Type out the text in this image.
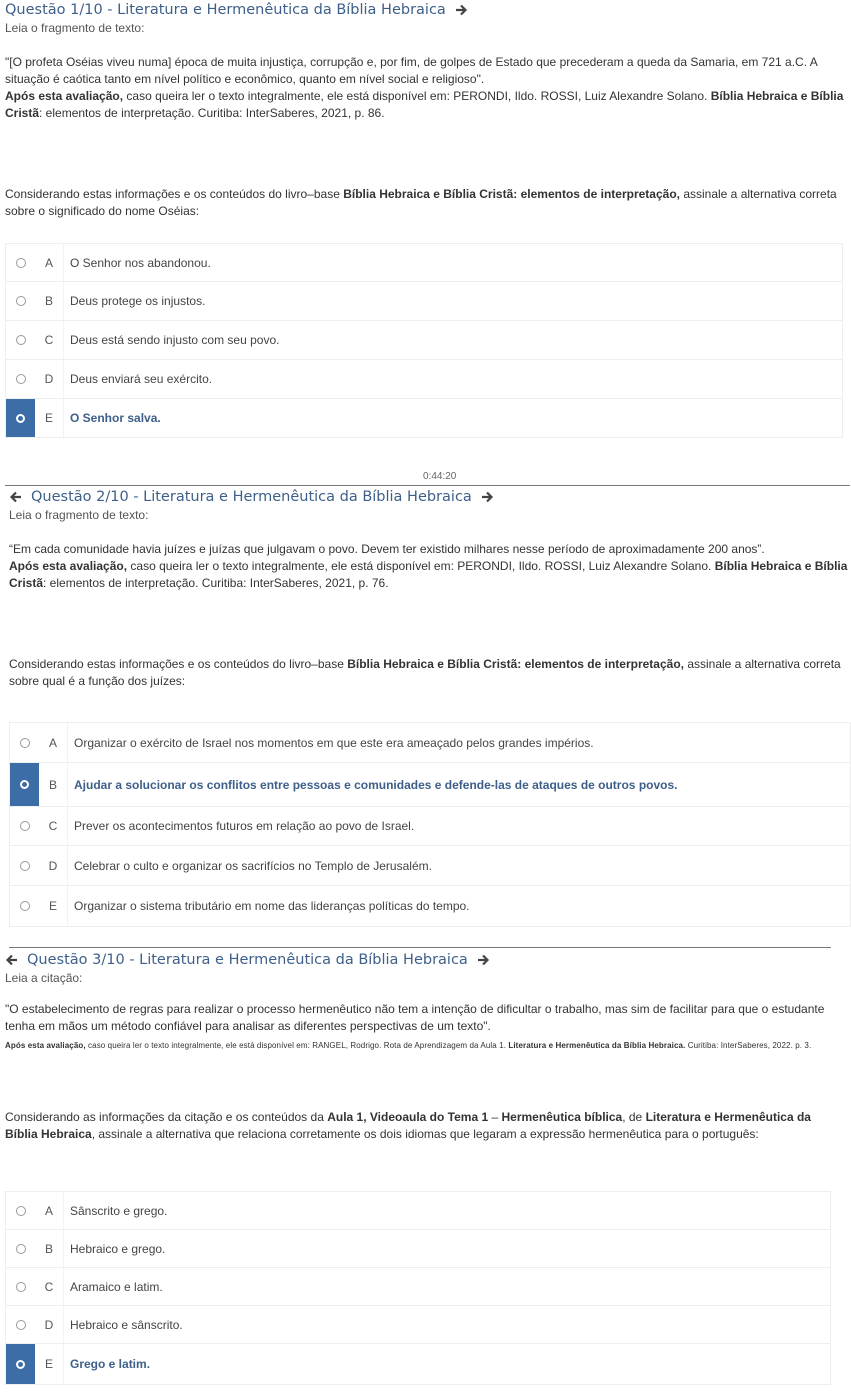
Questão 1/10 - Literatura e Hermenêutica da Bíblia Hebraica
Leia o fragmento de texto:
"[O profeta Oséias viveu numa] época de muita injustiça, corrupção e, por fim, de golpes de Estado que precederam a queda da Samaria, em 721 a.C. A situação é caótica tanto em nível político e econômico, quanto em nível social e religioso".
Após esta avaliação, caso queira ler o texto integralmente, ele está disponível em: PERONDI, Ildo. ROSSI, Luiz Alexandre Solano. Bíblia Hebraica e Bíblia Cristã: elementos de interpretação. Curitiba: InterSaberes, 2021, p. 86.
Considerando estas informações e os conteúdos do livro–base Bíblia Hebraica e Bíblia Cristã: elementos de interpretação, assinale a alternativa correta sobre o significado do nome Oséias:
A	O Senhor nos abandonou.
B	Deus protege os injustos.
C	Deus está sendo injusto com seu povo.
D	Deus enviará seu exército.
E	O Senhor salva.
0:44:20
Questão 2/10 - Literatura e Hermenêutica da Bíblia Hebraica
Leia o fragmento de texto:
“Em cada comunidade havia juízes e juízas que julgavam o povo. Devem ter existido milhares nesse período de aproximadamente 200 anos”.
Após esta avaliação, caso queira ler o texto integralmente, ele está disponível em: PERONDI, Ildo. ROSSI, Luiz Alexandre Solano. Bíblia Hebraica e Bíblia Cristã: elementos de interpretação. Curitiba: InterSaberes, 2021, p. 76.
Considerando estas informações e os conteúdos do livro–base Bíblia Hebraica e Bíblia Cristã: elementos de interpretação, assinale a alternativa correta sobre qual é a função dos juízes:
A	Organizar o exército de Israel nos momentos em que este era ameaçado pelos grandes impérios.
B	Ajudar a solucionar os conflitos entre pessoas e comunidades e defende-las de ataques de outros povos.
C	Prever os acontecimentos futuros em relação ao povo de Israel.
D	Celebrar o culto e organizar os sacrifícios no Templo de Jerusalém.
E	Organizar o sistema tributário em nome das lideranças políticas do tempo.
Questão 3/10 - Literatura e Hermenêutica da Bíblia Hebraica
Leia a citação:
"O estabelecimento de regras para realizar o processo hermenêutico não tem a intenção de dificultar o trabalho, mas sim de facilitar para que o estudante tenha em mãos um método confiável para analisar as diferentes perspectivas de um texto".
Após esta avaliação, caso queira ler o texto integralmente, ele está disponível em: RANGEL, Rodrigo. Rota de Aprendizagem da Aula 1. Literatura e Hermenêutica da Bíblia Hebraica. Curitiba: InterSaberes, 2022. p. 3.
Considerando as informações da citação e os conteúdos da Aula 1, Videoaula do Tema 1 – Hermenêutica bíblica, de Literatura e Hermenêutica da Bíblia Hebraica, assinale a alternativa que relaciona corretamente os dois idiomas que legaram a expressão hermenêutica para o português:
A	Sânscrito e grego.
B	Hebraico e grego.
C	Aramaico e latim.
D	Hebraico e sânscrito.
E	Grego e latim.
